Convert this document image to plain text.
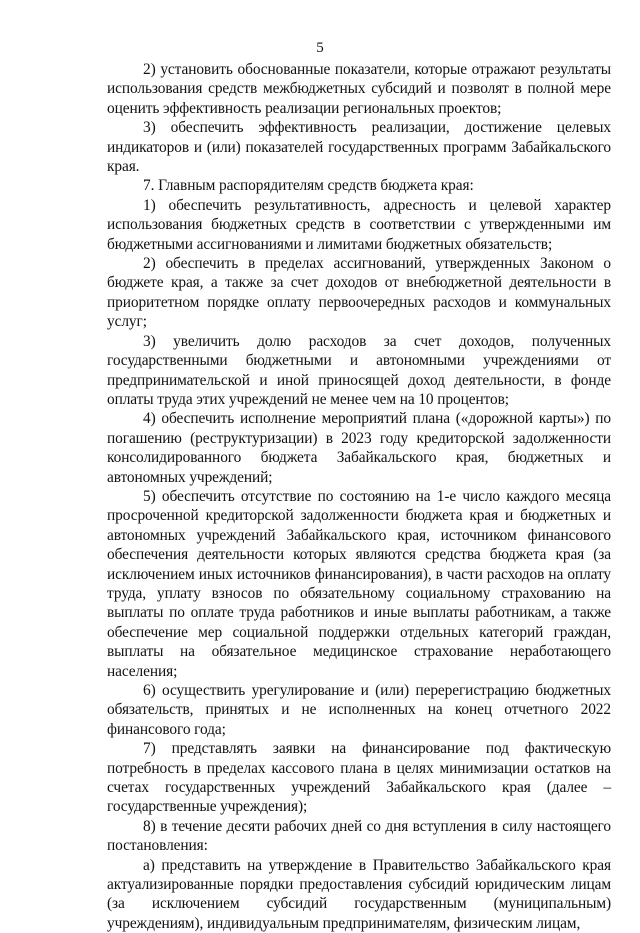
5

2) установить обоснованные показатели, которые отражают результаты использования средств межбюджетных субсидий и позволят в полной мере оценить эффективность реализации региональных проектов;

3) обеспечить эффективность реализации, достижение целевых индикаторов и (или) показателей государственных программ Забайкальского края.

7. Главным распорядителям средств бюджета края:

1) обеспечить результативность, адресность и целевой характер использования бюджетных средств в соответствии с утвержденными им бюджетными ассигнованиями и лимитами бюджетных обязательств;

2) обеспечить в пределах ассигнований, утвержденных Законом о бюджете края, а также за счет доходов от внебюджетной деятельности в приоритетном порядке оплату первоочередных расходов и коммунальных услуг;

3) увеличить долю расходов за счет доходов, полученных государственными бюджетными и автономными учреждениями от предпринимательской и иной приносящей доход деятельности, в фонде оплаты труда этих учреждений не менее чем на 10 процентов;

4) обеспечить исполнение мероприятий плана («дорожной карты») по погашению (реструктуризации) в 2023 году кредиторской задолженности консолидированного бюджета Забайкальского края, бюджетных и автономных учреждений;

5) обеспечить отсутствие по состоянию на 1-е число каждого месяца просроченной кредиторской задолженности бюджета края и бюджетных и автономных учреждений Забайкальского края, источником финансового обеспечения деятельности которых являются средства бюджета края (за исключением иных источников финансирования), в части расходов на оплату труда, уплату взносов по обязательному социальному страхованию на выплаты по оплате труда работников и иные выплаты работникам, а также обеспечение мер социальной поддержки отдельных категорий граждан, выплаты на обязательное медицинское страхование неработающего населения;

6) осуществить урегулирование и (или) перерегистрацию бюджетных обязательств, принятых и не исполненных на конец отчетного 2022 финансового года;

7) представлять заявки на финансирование под фактическую потребность в пределах кассового плана в целях минимизации остатков на счетах государственных учреждений Забайкальского края (далее – государственные учреждения);

8) в течение десяти рабочих дней со дня вступления в силу настоящего постановления:

а) представить на утверждение в Правительство Забайкальского края актуализированные порядки предоставления субсидий юридическим лицам (за исключением субсидий государственным (муниципальным) учреждениям), индивидуальным предпринимателям, физическим лицам,
